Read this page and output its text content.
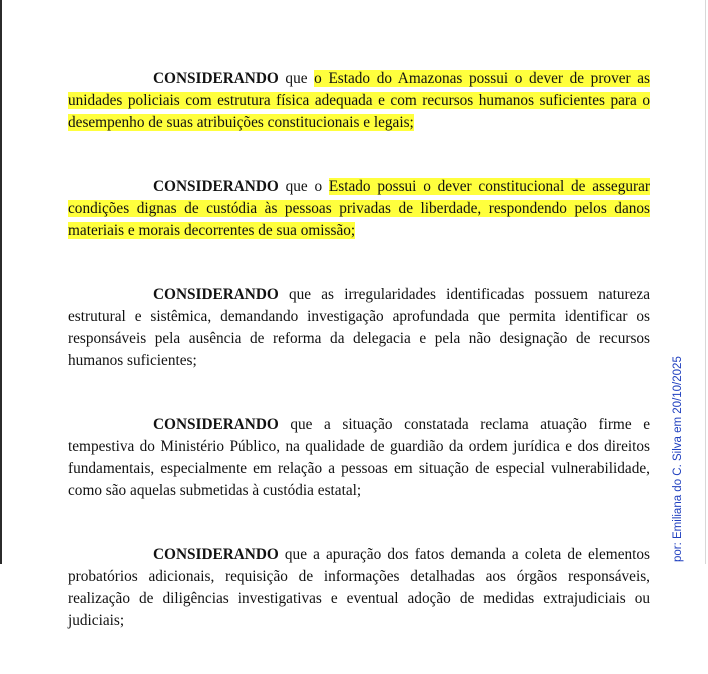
CONSIDERANDO que o Estado do Amazonas possui o dever de prover as unidades policiais com estrutura física adequada e com recursos humanos suficientes para o desempenho de suas atribuições constitucionais e legais;

CONSIDERANDO que o Estado possui o dever constitucional de assegurar condições dignas de custódia às pessoas privadas de liberdade, respondendo pelos danos materiais e morais decorrentes de sua omissão;

CONSIDERANDO que as irregularidades identificadas possuem natureza estrutural e sistêmica, demandando investigação aprofundada que permita identificar os responsáveis pela ausência de reforma da delegacia e pela não designação de recursos humanos suficientes;

CONSIDERANDO que a situação constatada reclama atuação firme e tempestiva do Ministério Público, na qualidade de guardião da ordem jurídica e dos direitos fundamentais, especialmente em relação a pessoas em situação de especial vulnerabilidade, como são aquelas submetidas à custódia estatal;

CONSIDERANDO que a apuração dos fatos demanda a coleta de elementos probatórios adicionais, requisição de informações detalhadas aos órgãos responsáveis, realização de diligências investigativas e eventual adoção de medidas extrajudiciais ou judiciais;

por: Emiliana do C. Silva em 20/10/2025
